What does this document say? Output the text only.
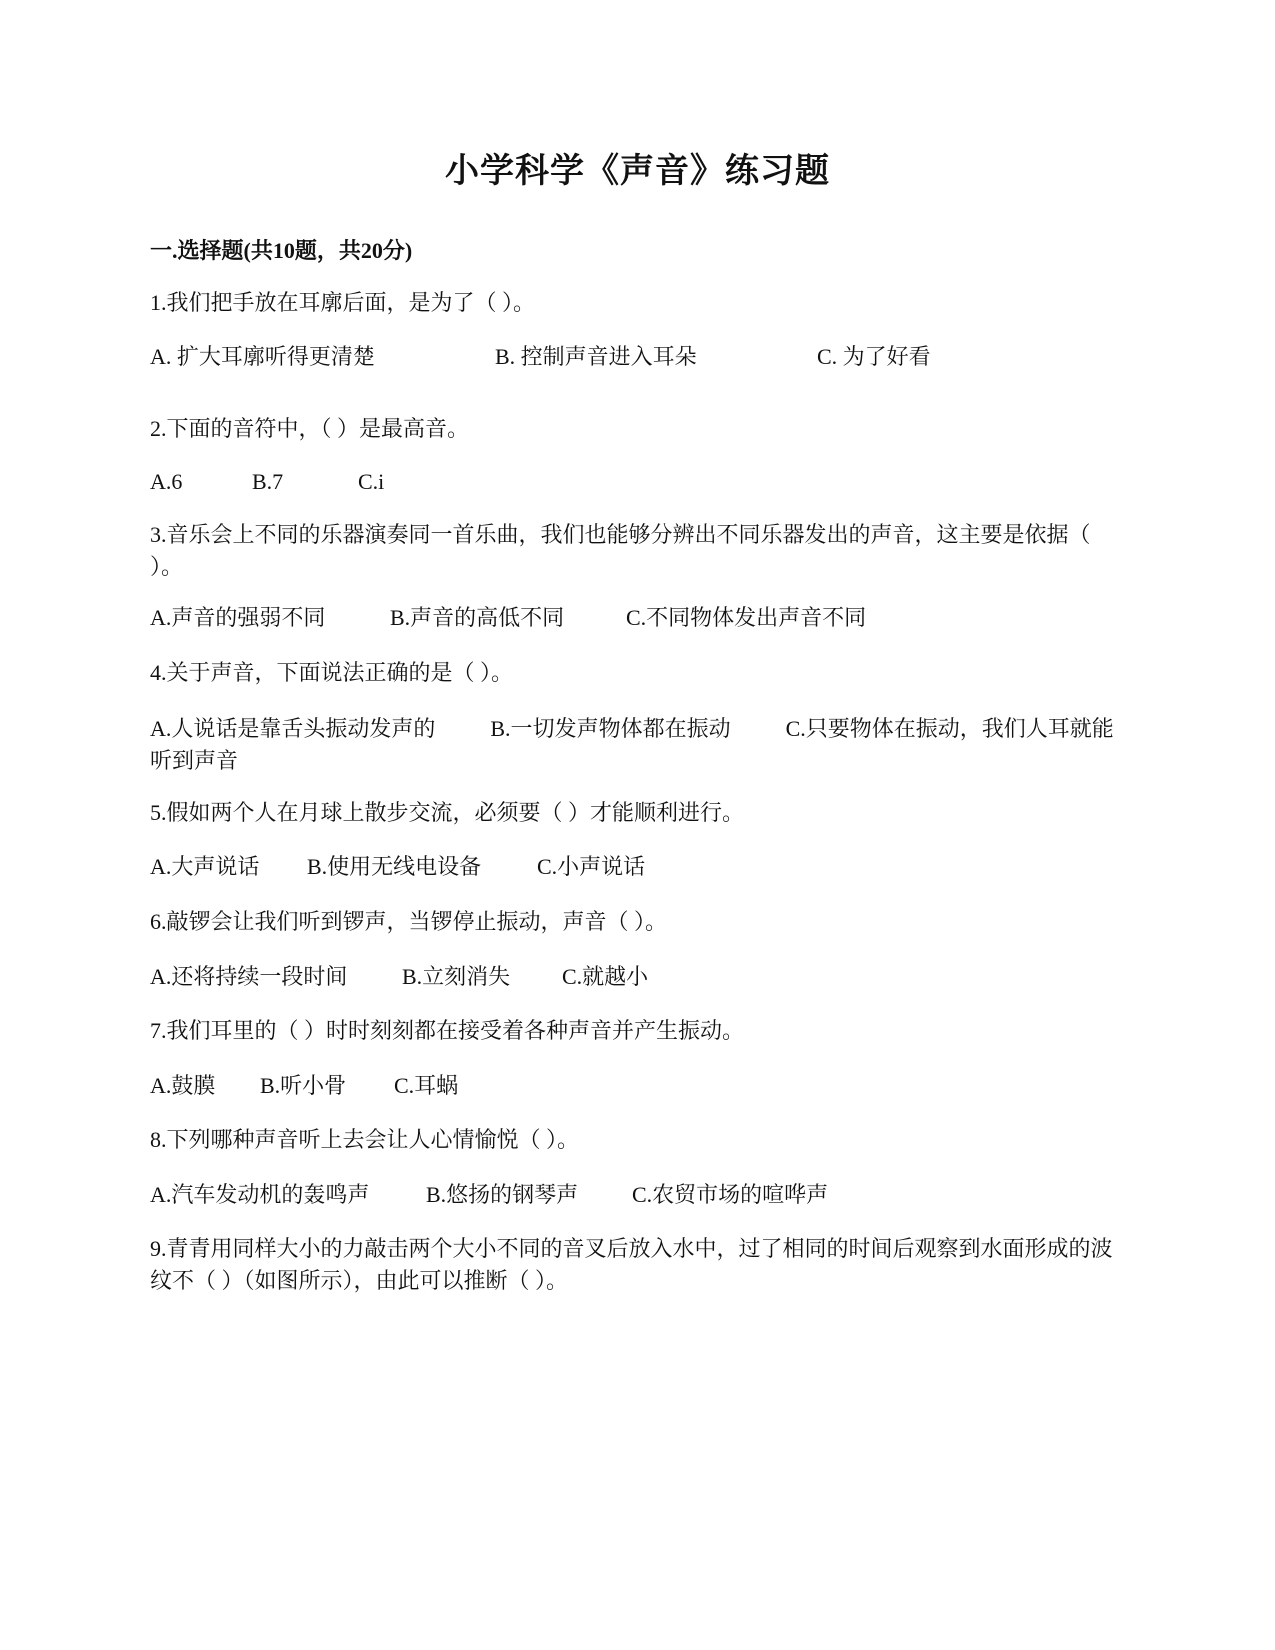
小学科学《声音》练习题
一.选择题(共10题，共20分)
1.我们把手放在耳廓后面，是为了（ ）。
A. 扩大耳廓听得更清楚	B. 控制声音进入耳朵	C. 为了好看
2.下面的音符中，（ ）是最高音。
A.6	B.7	C.i
3.音乐会上不同的乐器演奏同一首乐曲，我们也能够分辨出不同乐器发出的声音，这主要是依据（ ）。
A.声音的强弱不同	B.声音的高低不同	C.不同物体发出声音不同
4.关于声音，下面说法正确的是（ ）。
A.人说话是靠舌头振动发声的          B.一切发声物体都在振动          C.只要物体在振动，我们人耳就能听到声音
5.假如两个人在月球上散步交流，必须要（ ）才能顺利进行。
A.大声说话 B.使用无线电设备	C.小声说话
6.敲锣会让我们听到锣声，当锣停止振动，声音（ ）。
A.还将持续一段时间 B.立刻消失 C.就越小
7.我们耳里的（ ）时时刻刻都在接受着各种声音并产生振动。
A.鼓膜 B.听小骨 C.耳蜗
8.下列哪种声音听上去会让人心情愉悦（ ）。
A.汽车发动机的轰鸣声	B.悠扬的钢琴声 C.农贸市场的喧哗声
9.青青用同样大小的力敲击两个大小不同的音叉后放入水中，过了相同的时间后观察到水面形成的波纹不（ ）（如图所示），由此可以推断（ ）。
